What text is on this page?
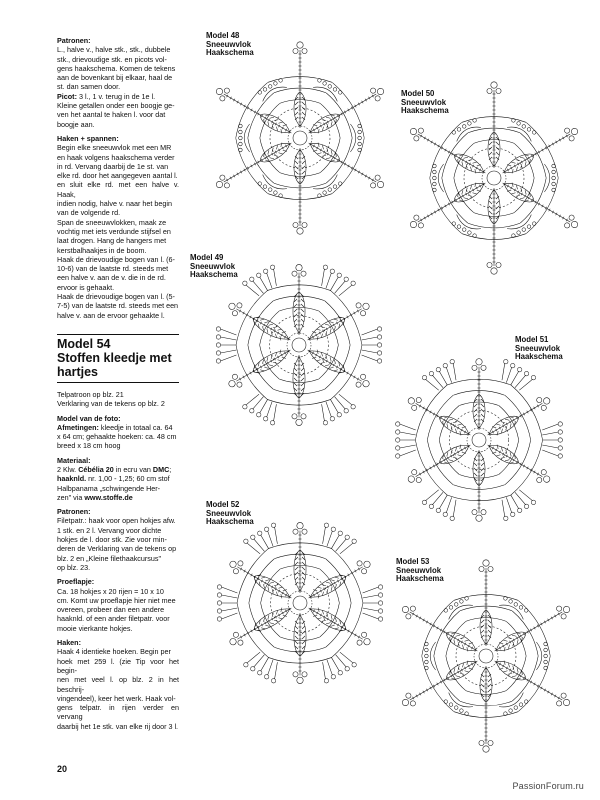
Patronen:
L., halve v., halve stk., stk., dubbele
stk., drievoudige stk. en picots vol-
gens haakschema. Komen de tekens
aan de bovenkant bij elkaar, haal de
st. dan samen door.
Picot: 3 l., 1 v. terug in de 1e l.
Kleine getallen onder een boogje ge-
ven het aantal te haken l. voor dat
boogje aan.

Haken + spannen:
Begin elke sneeuwvlok met een MR
en haak volgens haakschema verder
in rd. Vervang daarbij de 1e st. van
elke rd. door het aangegeven aantal l.
en sluit elke rd. met een halve v. Haak,
indien nodig, halve v. naar het begin
van de volgende rd.
Span de sneeuwvlokken, maak ze
vochtig met iets verdunde stijfsel en
laat drogen. Hang de hangers met
kerstbalhaakjes in de boom.
Haak de drievoudige bogen van l. (6-
10-6) van de laatste rd. steeds met
een halve v. aan de v. die in de rd.
ervoor is gehaakt.
Haak de drievoudige bogen van l. (5-
7-5) van de laatste rd. steeds met een
halve v. aan de ervoor gehaakte l.

Model 54
Stoffen kleedje met
hartjes

Telpatroon op blz. 21
Verklaring van de tekens op blz. 2

Model van de foto:
Afmetingen: kleedje in totaal ca. 64
x 64 cm; gehaakte hoeken: ca. 48 cm
breed x 18 cm hoog

Materiaal:
2 Klw. Cébélia 20 in ecru van DMC;
haaknld. nr. 1,00 - 1,25; 60 cm stof
Halbpanama „schwingende Her-
zen" via www.stoffe.de

Patronen:
Filetpatr.: haak voor open hokjes afw.
1 stk. en 2 l. Vervang voor dichte
hokjes de l. door stk. Zie voor min-
deren de Verklaring van de tekens op
blz. 2 en „Kleine filethaakcursus"
op blz. 23.

Proeflapje:
Ca. 18 hokjes x 20 rijen = 10 x 10
cm. Komt uw proeflapje hier niet mee
overeen, probeer dan een andere
haaknld. of een ander filetpatr. voor
mooie vierkante hokjes.

Haken:
Haak 4 identieke hoeken. Begin per
hoek met 259 l. (zie Tip voor het begin-
nen met veel l. op blz. 2 in het beschrij-
vingendeel), keer het werk. Haak vol-
gens telpatr. in rijen verder en vervang
daarbij het 1e stk. van elke rij door 3 l.

Model 48
Sneeuwvlok
Haakschema
Model 50
Sneeuwvlok
Haakschema
Model 49
Sneeuwvlok
Haakschema
Model 51
Sneeuwvlok
Haakschema
Model 52
Sneeuwvlok
Haakschema
Model 53
Sneeuwvlok
Haakschema
20
PassionForum.ru
